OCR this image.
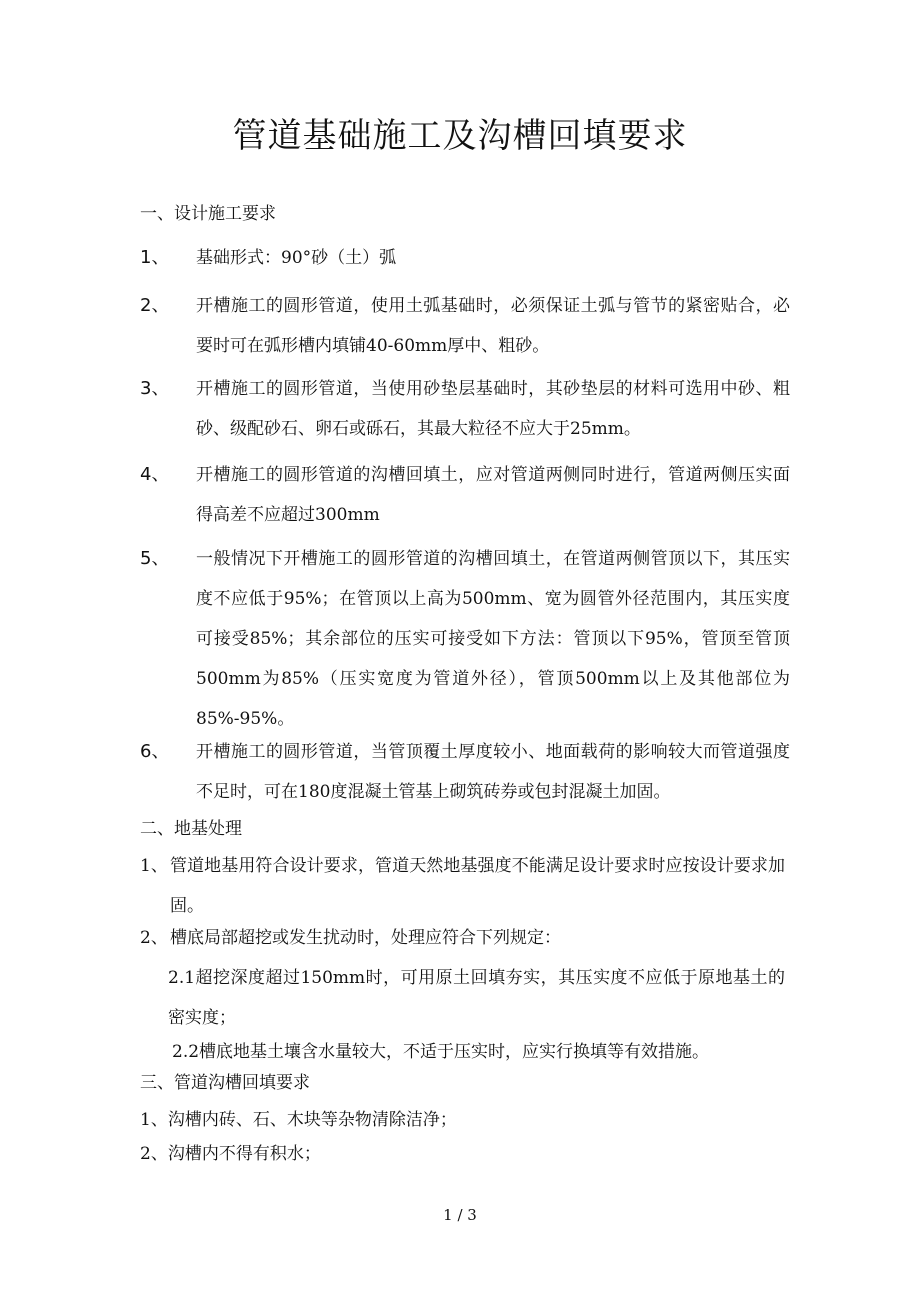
管道基础施工及沟槽回填要求
一、设计施工要求
1、	基础形式：90°砂（土）弧
2、	开槽施工的圆形管道，使用土弧基础时，必须保证土弧与管节的紧密贴合，必要时可在弧形槽内填铺40-60mm厚中、粗砂。
3、	开槽施工的圆形管道，当使用砂垫层基础时，其砂垫层的材料可选用中砂、粗砂、级配砂石、卵石或砾石，其最大粒径不应大于25mm。
4、	开槽施工的圆形管道的沟槽回填土，应对管道两侧同时进行，管道两侧压实面得高差不应超过300mm
5、	一般情况下开槽施工的圆形管道的沟槽回填土，在管道两侧管顶以下，其压实度不应低于95%；在管顶以上高为500mm、宽为圆管外径范围内，其压实度可接受85%；其余部位的压实可接受如下方法：管顶以下95%，管顶至管顶500mm为85%（压实宽度为管道外径），管顶500mm以上及其他部位为85%-95%。
6、	开槽施工的圆形管道，当管顶覆土厚度较小、地面载荷的影响较大而管道强度不足时，可在180度混凝土管基上砌筑砖券或包封混凝土加固。
二、地基处理
1、 管道地基用符合设计要求，管道天然地基强度不能满足设计要求时应按设计要求加固。
2、 槽底局部超挖或发生扰动时，处理应符合下列规定：
2.1超挖深度超过150mm时，可用原土回填夯实，其压实度不应低于原地基土的密实度；
2.2槽底地基土壤含水量较大，不适于压实时，应实行换填等有效措施。
三、管道沟槽回填要求
1、沟槽内砖、石、木块等杂物清除洁净；
2、沟槽内不得有积水；
1 / 3
